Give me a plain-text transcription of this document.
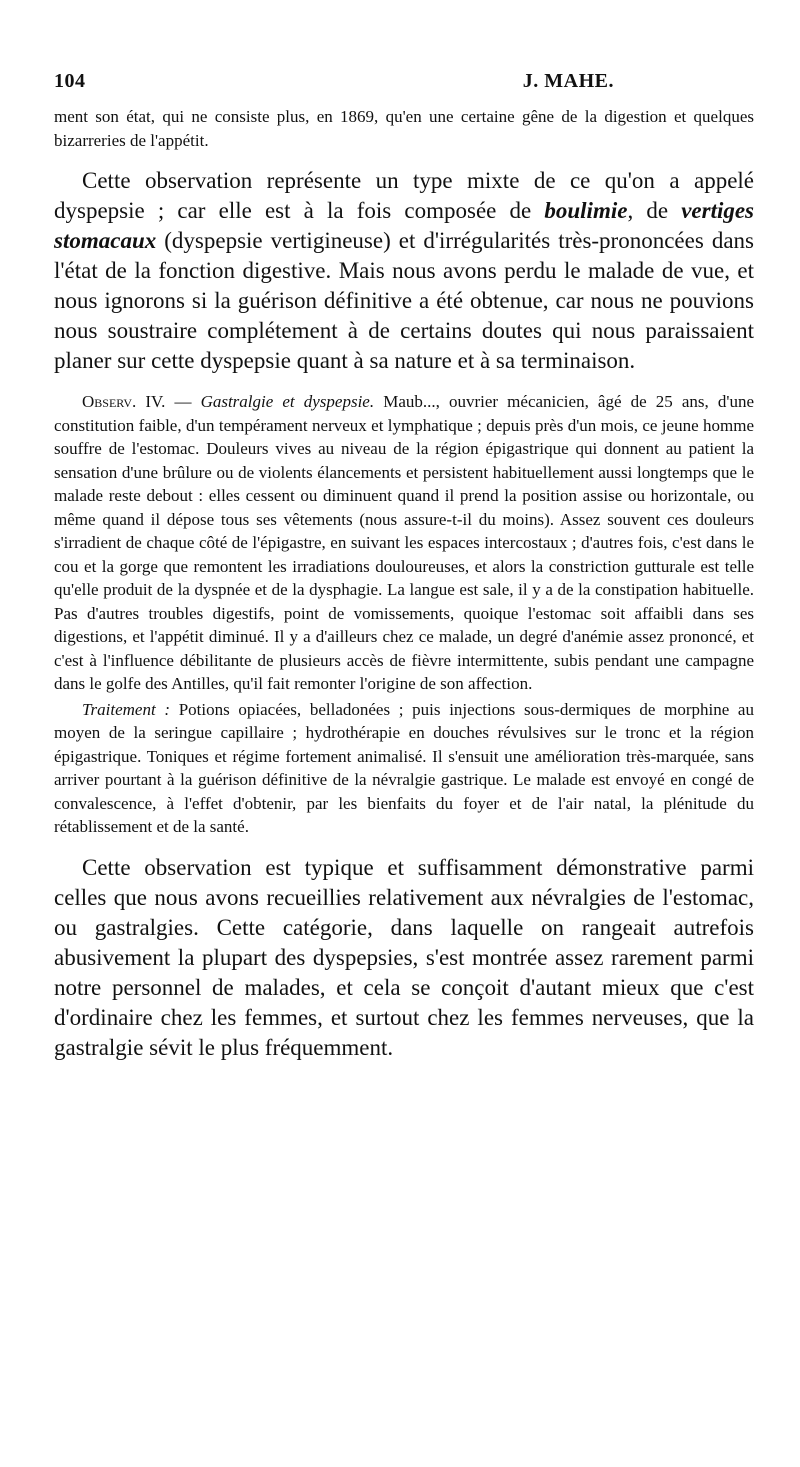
104	J. MAHE.

ment son état, qui ne consiste plus, en 1869, qu'en une certaine gêne de la digestion et quelques bizarreries de l'appétit.

Cette observation représente un type mixte de ce qu'on a appelé dyspepsie ; car elle est à la fois composée de boulimie, de vertiges stomacaux (dyspepsie vertigineuse) et d'irrégularités très-prononcées dans l'état de la fonction digestive. Mais nous avons perdu le malade de vue, et nous ignorons si la guérison définitive a été obtenue, car nous ne pouvions nous soustraire complétement à de certains doutes qui nous paraissaient planer sur cette dyspepsie quant à sa nature et à sa terminaison.

Observ. IV. — Gastralgie et dyspepsie. Maub..., ouvrier mécanicien, âgé de 25 ans, d'une constitution faible, d'un tempérament nerveux et lymphatique ; depuis près d'un mois, ce jeune homme souffre de l'estomac. Douleurs vives au niveau de la région épigastrique qui donnent au patient la sensation d'une brûlure ou de violents élancements et persistent habituellement aussi longtemps que le malade reste debout : elles cessent ou diminuent quand il prend la position assise ou horizontale, ou même quand il dépose tous ses vêtements (nous assure-t-il du moins). Assez souvent ces douleurs s'irradient de chaque côté de l'épigastre, en suivant les espaces intercostaux ; d'autres fois, c'est dans le cou et la gorge que remontent les irradiations douloureuses, et alors la constriction gutturale est telle qu'elle produit de la dyspnée et de la dysphagie. La langue est sale, il y a de la constipation habituelle. Pas d'autres troubles digestifs, point de vomissements, quoique l'estomac soit affaibli dans ses digestions, et l'appétit diminué. Il y a d'ailleurs chez ce malade, un degré d'anémie assez prononcé, et c'est à l'influence débilitante de plusieurs accès de fièvre intermittente, subis pendant une campagne dans le golfe des Antilles, qu'il fait remonter l'origine de son affection.

Traitement : Potions opiacées, belladonées ; puis injections sous-dermiques de morphine au moyen de la seringue capillaire ; hydrothérapie en douches révulsives sur le tronc et la région épigastrique. Toniques et régime fortement animalisé. Il s'ensuit une amélioration très-marquée, sans arriver pourtant à la guérison définitive de la névralgie gastrique. Le malade est envoyé en congé de convalescence, à l'effet d'obtenir, par les bienfaits du foyer et de l'air natal, la plénitude du rétablissement et de la santé.

Cette observation est typique et suffisamment démonstrative parmi celles que nous avons recueillies relativement aux névralgies de l'estomac, ou gastralgies. Cette catégorie, dans laquelle on rangeait autrefois abusivement la plupart des dyspepsies, s'est montrée assez rarement parmi notre personnel de malades, et cela se conçoit d'autant mieux que c'est d'ordinaire chez les femmes, et surtout chez les femmes nerveuses, que la gastralgie sévit le plus fréquemment.
